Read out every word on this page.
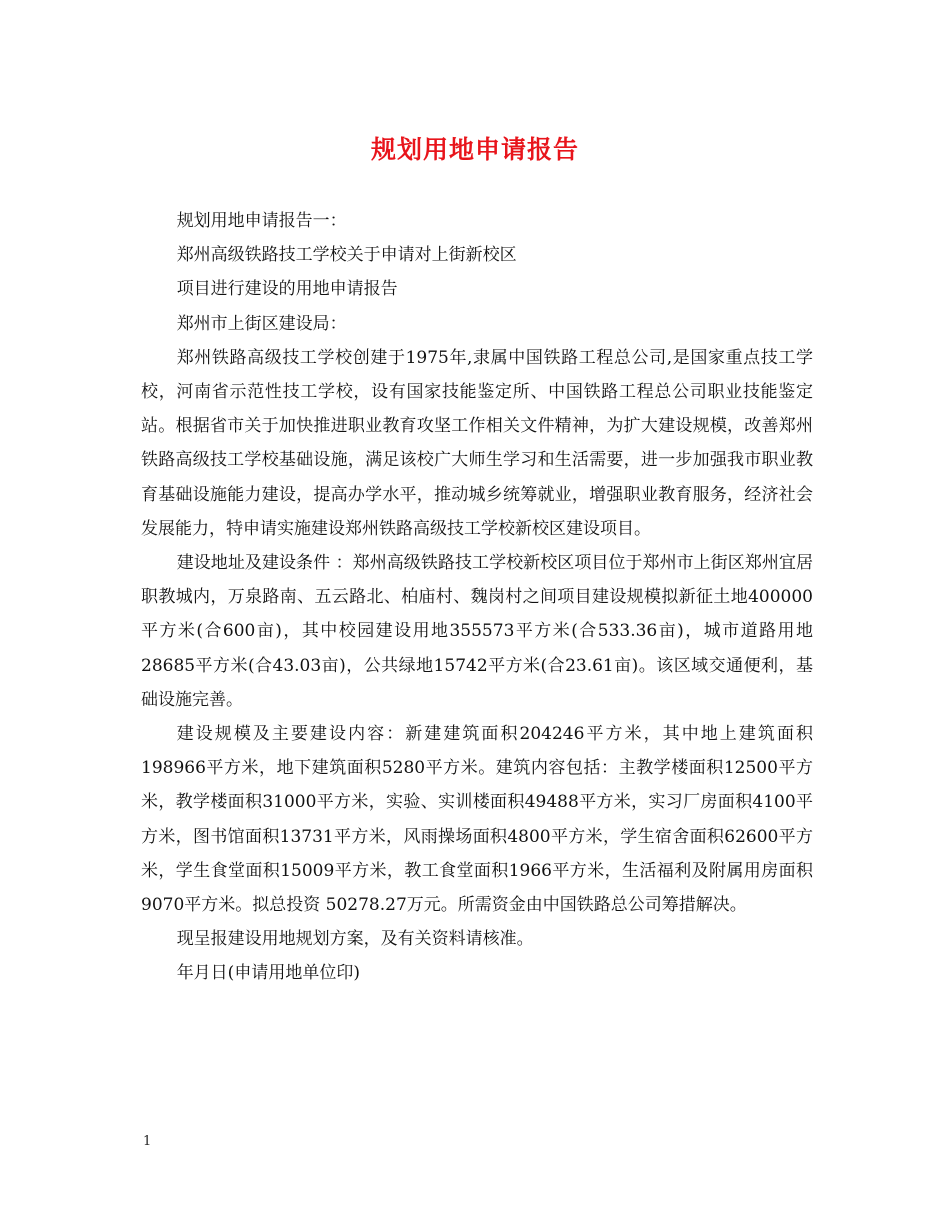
规划用地申请报告

规划用地申请报告一：

郑州高级铁路技工学校关于申请对上街新校区

项目进行建设的用地申请报告

郑州市上街区建设局：

郑州铁路高级技工学校创建于1975年,隶属中国铁路工程总公司,是国家重点技工学校，河南省示范性技工学校，设有国家技能鉴定所、中国铁路工程总公司职业技能鉴定站。根据省市关于加快推进职业教育攻坚工作相关文件精神，为扩大建设规模，改善郑州铁路高级技工学校基础设施，满足该校广大师生学习和生活需要，进一步加强我市职业教育基础设施能力建设，提高办学水平，推动城乡统筹就业，增强职业教育服务，经济社会发展能力，特申请实施建设郑州铁路高级技工学校新校区建设项目。

建设地址及建设条件 ：郑州高级铁路技工学校新校区项目位于郑州市上街区郑州宜居职教城内，万泉路南、五云路北、柏庙村、魏岗村之间项目建设规模拟新征土地400000平方米(合600亩)，其中校园建设用地355573平方米(合533.36亩)，城市道路用地28685平方米(合43.03亩)，公共绿地15742平方米(合23.61亩)。该区域交通便利，基础设施完善。

建设规模及主要建设内容：新建建筑面积204246平方米，其中地上建筑面积198966平方米，地下建筑面积5280平方米。建筑内容包括：主教学楼面积12500平方米，教学楼面积31000平方米，实验、实训楼面积49488平方米，实习厂房面积4100平方米，图书馆面积13731平方米，风雨操场面积4800平方米，学生宿舍面积62600平方米，学生食堂面积15009平方米，教工食堂面积1966平方米，生活福利及附属用房面积9070平方米。拟总投资 50278.27万元。所需资金由中国铁路总公司筹措解决。

现呈报建设用地规划方案，及有关资料请核准。

年月日(申请用地单位印)

1
